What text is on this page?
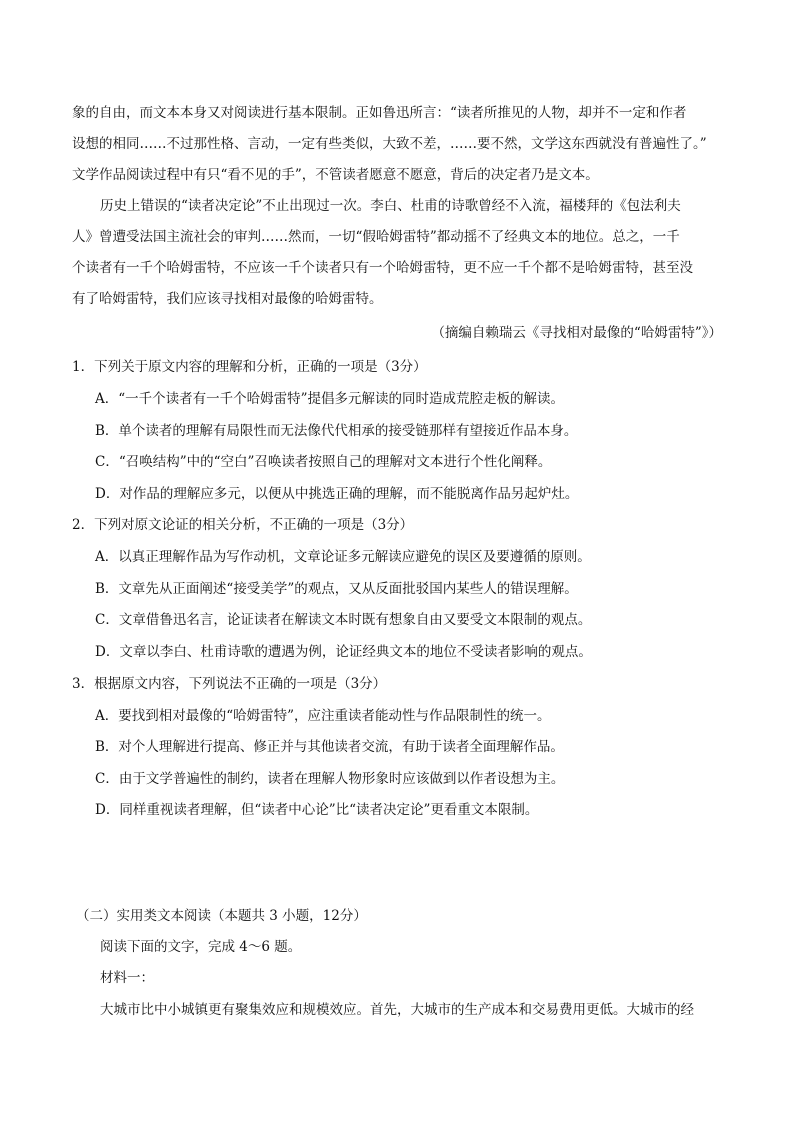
象的自由，而文本本身又对阅读进行基本限制。正如鲁迅所言：“读者所推见的人物，却并不一定和作者
设想的相同……不过那性格、言动，一定有些类似，大致不差，……要不然，文学这东西就没有普遍性了。”
文学作品阅读过程中有只“看不见的手”，不管读者愿意不愿意，背后的决定者乃是文本。
历史上错误的“读者决定论”不止出现过一次。李白、杜甫的诗歌曾经不入流，福楼拜的《包法利夫
人》曾遭受法国主流社会的审判……然而，一切“假哈姆雷特”都动摇不了经典文本的地位。总之，一千
个读者有一千个哈姆雷特，不应该一千个读者只有一个哈姆雷特，更不应一千个都不是哈姆雷特，甚至没
有了哈姆雷特，我们应该寻找相对最像的哈姆雷特。
（摘编自赖瑞云《寻找相对最像的“哈姆雷特”》）
1．下列关于原文内容的理解和分析，正确的一项是（3分）
A．“一千个读者有一千个哈姆雷特”提倡多元解读的同时造成荒腔走板的解读。
B．单个读者的理解有局限性而无法像代代相承的接受链那样有望接近作品本身。
C．“召唤结构”中的“空白”召唤读者按照自己的理解对文本进行个性化阐释。
D．对作品的理解应多元，以便从中挑选正确的理解，而不能脱离作品另起炉灶。
2．下列对原文论证的相关分析，不正确的一项是（3分）
A．以真正理解作品为写作动机，文章论证多元解读应避免的误区及要遵循的原则。
B．文章先从正面阐述“接受美学”的观点，又从反面批驳国内某些人的错误理解。
C．文章借鲁迅名言，论证读者在解读文本时既有想象自由又要受文本限制的观点。
D．文章以李白、杜甫诗歌的遭遇为例，论证经典文本的地位不受读者影响的观点。
3．根据原文内容，下列说法不正确的一项是（3分）
A．要找到相对最像的“哈姆雷特”，应注重读者能动性与作品限制性的统一。
B．对个人理解进行提高、修正并与其他读者交流，有助于读者全面理解作品。
C．由于文学普遍性的制约，读者在理解人物形象时应该做到以作者设想为主。
D．同样重视读者理解，但“读者中心论”比“读者决定论”更看重文本限制。
（二）实用类文本阅读（本题共 3 小题，12分）
阅读下面的文字，完成 4～6 题。
材料一：
大城市比中小城镇更有聚集效应和规模效应。首先，大城市的生产成本和交易费用更低。大城市的经
